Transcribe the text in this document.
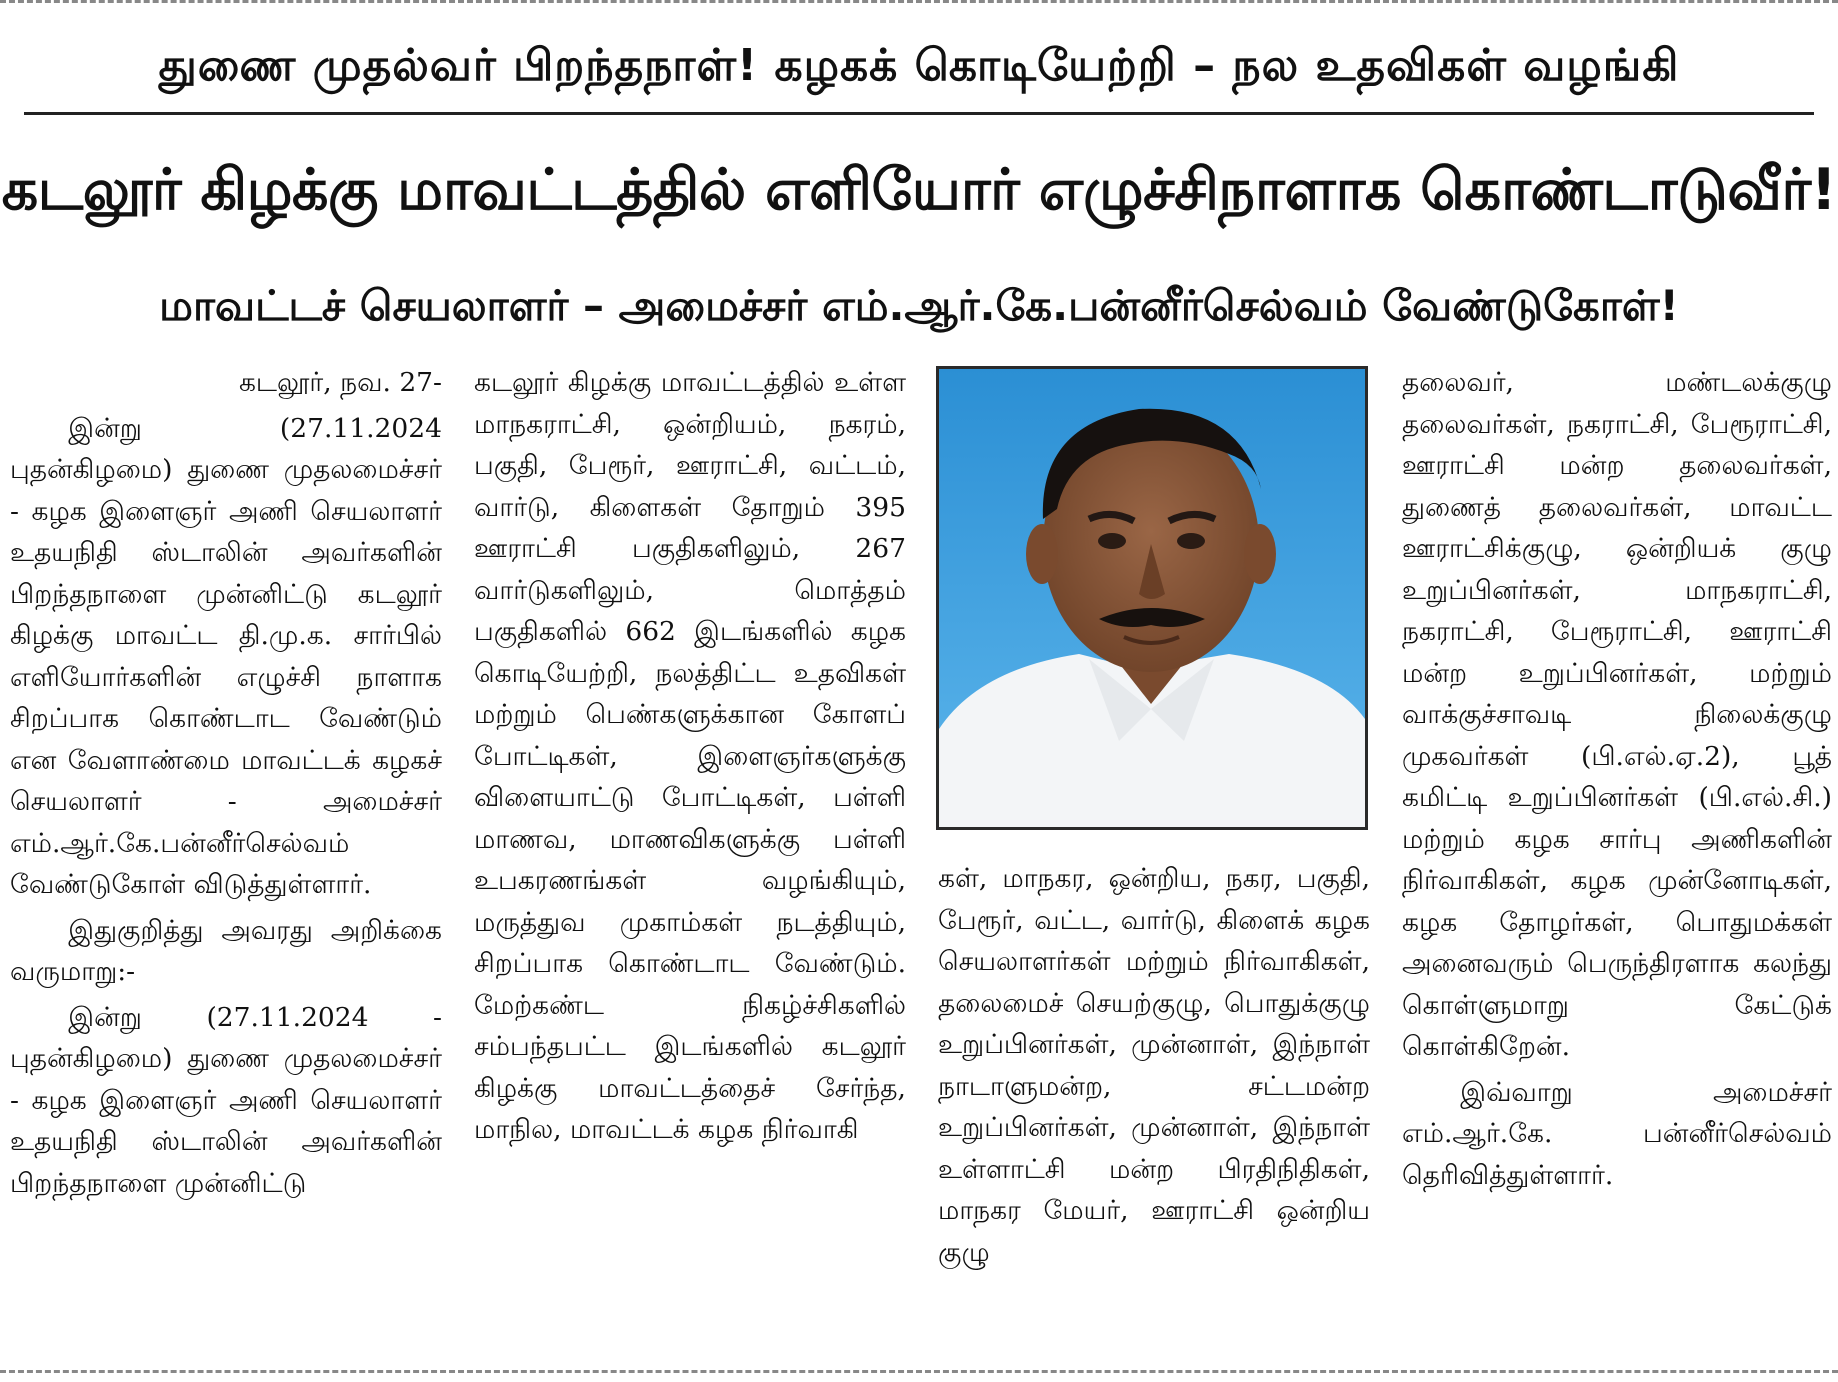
துணை முதல்வர் பிறந்தநாள்! கழகக் கொடியேற்றி – நல உதவிகள் வழங்கி
கடலூர் கிழக்கு மாவட்டத்தில் எளியோர் எழுச்சிநாளாக கொண்டாடுவீர்!
மாவட்டச் செயலாளர் – அமைச்சர் எம்.ஆர்.கே.பன்னீர்செல்வம் வேண்டுகோள்!

கடலூர், நவ. 27-

இன்று (27.11.2024 புதன்கிழமை) துணை முதலமைச்சர் - கழக இளைஞர் அணி செயலாளர் உதயநிதி ஸ்டாலின் அவர்களின் பிறந்தநாளை முன்னிட்டு கடலூர் கிழக்கு மாவட்ட தி.மு.க. சார்பில் எளியோர்களின் எழுச்சி நாளாக சிறப்பாக கொண்டாட வேண்டும் என வேளாண்மை மாவட்டக் கழகச் செயலாளர் - அமைச்சர் எம்.ஆர்.கே.பன்னீர்செல்வம் வேண்டுகோள் விடுத்துள்ளார்.

இதுகுறித்து அவரது அறிக்கை வருமாறு:-

இன்று (27.11.2024 - புதன்கிழமை) துணை முதலமைச்சர் - கழக இளைஞர் அணி செயலாளர் உதயநிதி ஸ்டாலின் அவர்களின் பிறந்தநாளை முன்னிட்டு

கடலூர் கிழக்கு மாவட்டத்தில் உள்ள மாநகராட்சி, ஒன்றியம், நகரம், பகுதி, பேரூர், ஊராட்சி, வட்டம், வார்டு, கிளைகள் தோறும் 395 ஊராட்சி பகுதிகளிலும், 267 வார்டுகளிலும், மொத்தம் பகுதிகளில் 662 இடங்களில் கழக கொடியேற்றி, நலத்திட்ட உதவிகள் மற்றும் பெண்களுக்கான கோளப் போட்டிகள், இளைஞர்களுக்கு விளையாட்டு போட்டிகள், பள்ளி மாணவ, மாணவிகளுக்கு பள்ளி உபகரணங்கள் வழங்கியும், மருத்துவ முகாம்கள் நடத்தியும், சிறப்பாக கொண்டாட வேண்டும். மேற்கண்ட நிகழ்ச்சிகளில் சம்பந்தபட்ட இடங்களில் கடலூர் கிழக்கு மாவட்டத்தைச் சேர்ந்த, மாநில, மாவட்டக் கழக நிர்வாகி

கள், மாநகர, ஒன்றிய, நகர, பகுதி, பேரூர், வட்ட, வார்டு, கிளைக் கழக செயலாளர்கள் மற்றும் நிர்வாகிகள், தலைமைச் செயற்குழு, பொதுக்குழு உறுப்பினர்கள், முன்னாள், இந்நாள் நாடாளுமன்ற, சட்டமன்ற உறுப்பினர்கள், முன்னாள், இந்நாள் உள்ளாட்சி மன்ற பிரதிநிதிகள், மாநகர மேயர், ஊராட்சி ஒன்றிய குழு

தலைவர், மண்டலக்குழு தலைவர்கள், நகராட்சி, பேரூராட்சி, ஊராட்சி மன்ற தலைவர்கள், துணைத் தலைவர்கள், மாவட்ட ஊராட்சிக்குழு, ஒன்றியக் குழு உறுப்பினர்கள், மாநகராட்சி, நகராட்சி, பேரூராட்சி, ஊராட்சி மன்ற உறுப்பினர்கள், மற்றும் வாக்குச்சாவடி நிலைக்குழு முகவர்கள் (பி.எல்.ஏ.2), பூத் கமிட்டி உறுப்பினர்கள் (பி.எல்.சி.) மற்றும் கழக சார்பு அணிகளின் நிர்வாகிகள், கழக முன்னோடிகள், கழக தோழர்கள், பொதுமக்கள் அனைவரும் பெருந்திரளாக கலந்து கொள்ளுமாறு கேட்டுக் கொள்கிறேன்.

இவ்வாறு அமைச்சர் எம்.ஆர்.கே. பன்னீர்செல்வம் தெரிவித்துள்ளார்.
